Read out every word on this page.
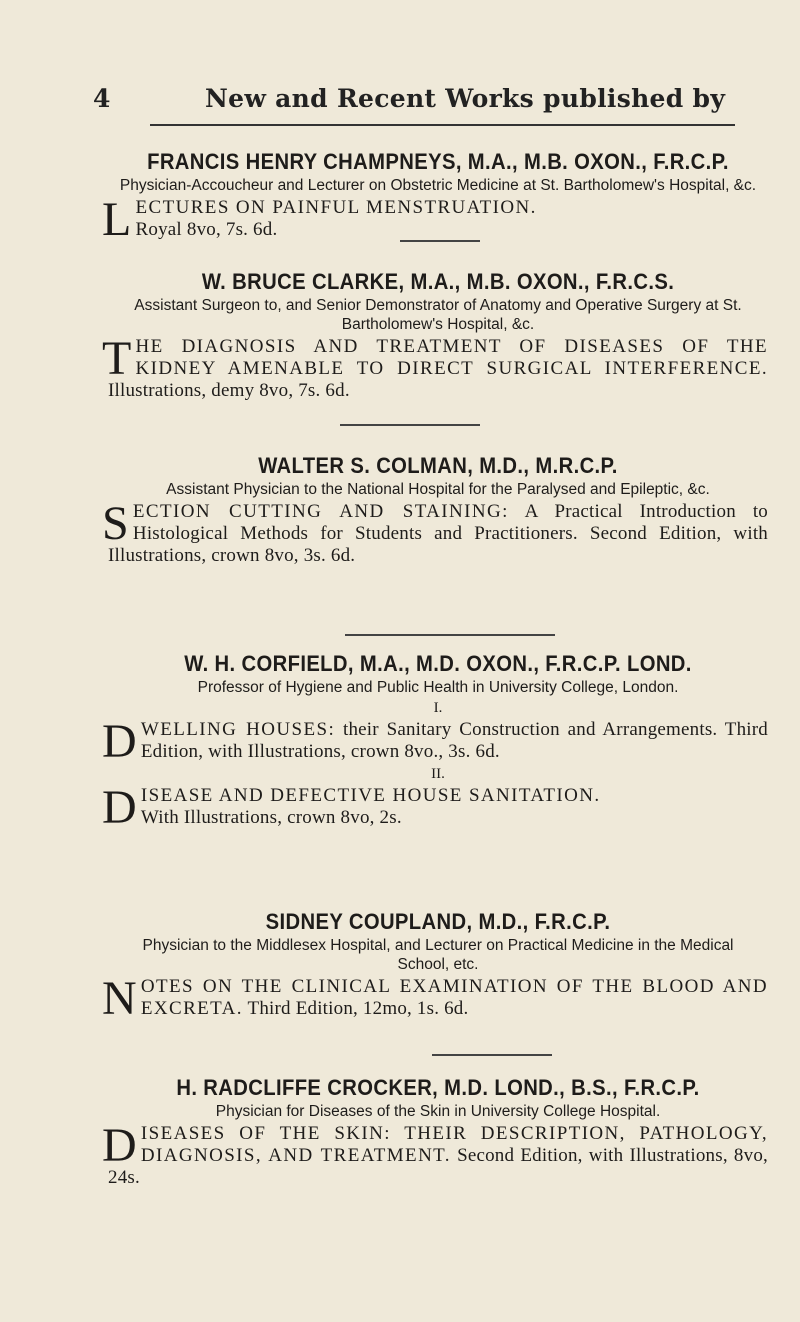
4	New and Recent Works published by

FRANCIS HENRY CHAMPNEYS, M.A., M.B. OXON., F.R.C.P.

Physician-Accoucheur and Lecturer on Obstetric Medicine at St. Bartholomew's Hospital, &c.

L ECTURES ON PAINFUL MENSTRUATION.
Royal 8vo, 7s. 6d.

W. BRUCE CLARKE, M.A., M.B. OXON., F.R.C.S.

Assistant Surgeon to, and Senior Demonstrator of Anatomy and Operative Surgery at St. Bartholomew's Hospital, &c.

T HE DIAGNOSIS AND TREATMENT OF DISEASES OF THE KIDNEY AMENABLE TO DIRECT SURGICAL INTERFERENCE. Illustrations, demy 8vo, 7s. 6d.

WALTER S. COLMAN, M.D., M.R.C.P.

Assistant Physician to the National Hospital for the Paralysed and Epileptic, &c.

S ECTION CUTTING AND STAINING: A Practical Introduction to Histological Methods for Students and Practitioners. Second Edition, with Illustrations, crown 8vo, 3s. 6d.

W. H. CORFIELD, M.A., M.D. OXON., F.R.C.P. LOND.

Professor of Hygiene and Public Health in University College, London.

I.

D WELLING HOUSES: their Sanitary Construction and Arrangements. Third Edition, with Illustrations, crown 8vo., 3s. 6d.

II.

D ISEASE AND DEFECTIVE HOUSE SANITATION.
With Illustrations, crown 8vo, 2s.

SIDNEY COUPLAND, M.D., F.R.C.P.

Physician to the Middlesex Hospital, and Lecturer on Practical Medicine in the Medical School, etc.

N OTES ON THE CLINICAL EXAMINATION OF THE BLOOD AND EXCRETA. Third Edition, 12mo, 1s. 6d.

H. RADCLIFFE CROCKER, M.D. LOND., B.S., F.R.C.P.

Physician for Diseases of the Skin in University College Hospital.

D ISEASES OF THE SKIN: THEIR DESCRIPTION, PATHOLOGY, DIAGNOSIS, AND TREATMENT. Second Edition, with Illustrations, 8vo, 24s.
